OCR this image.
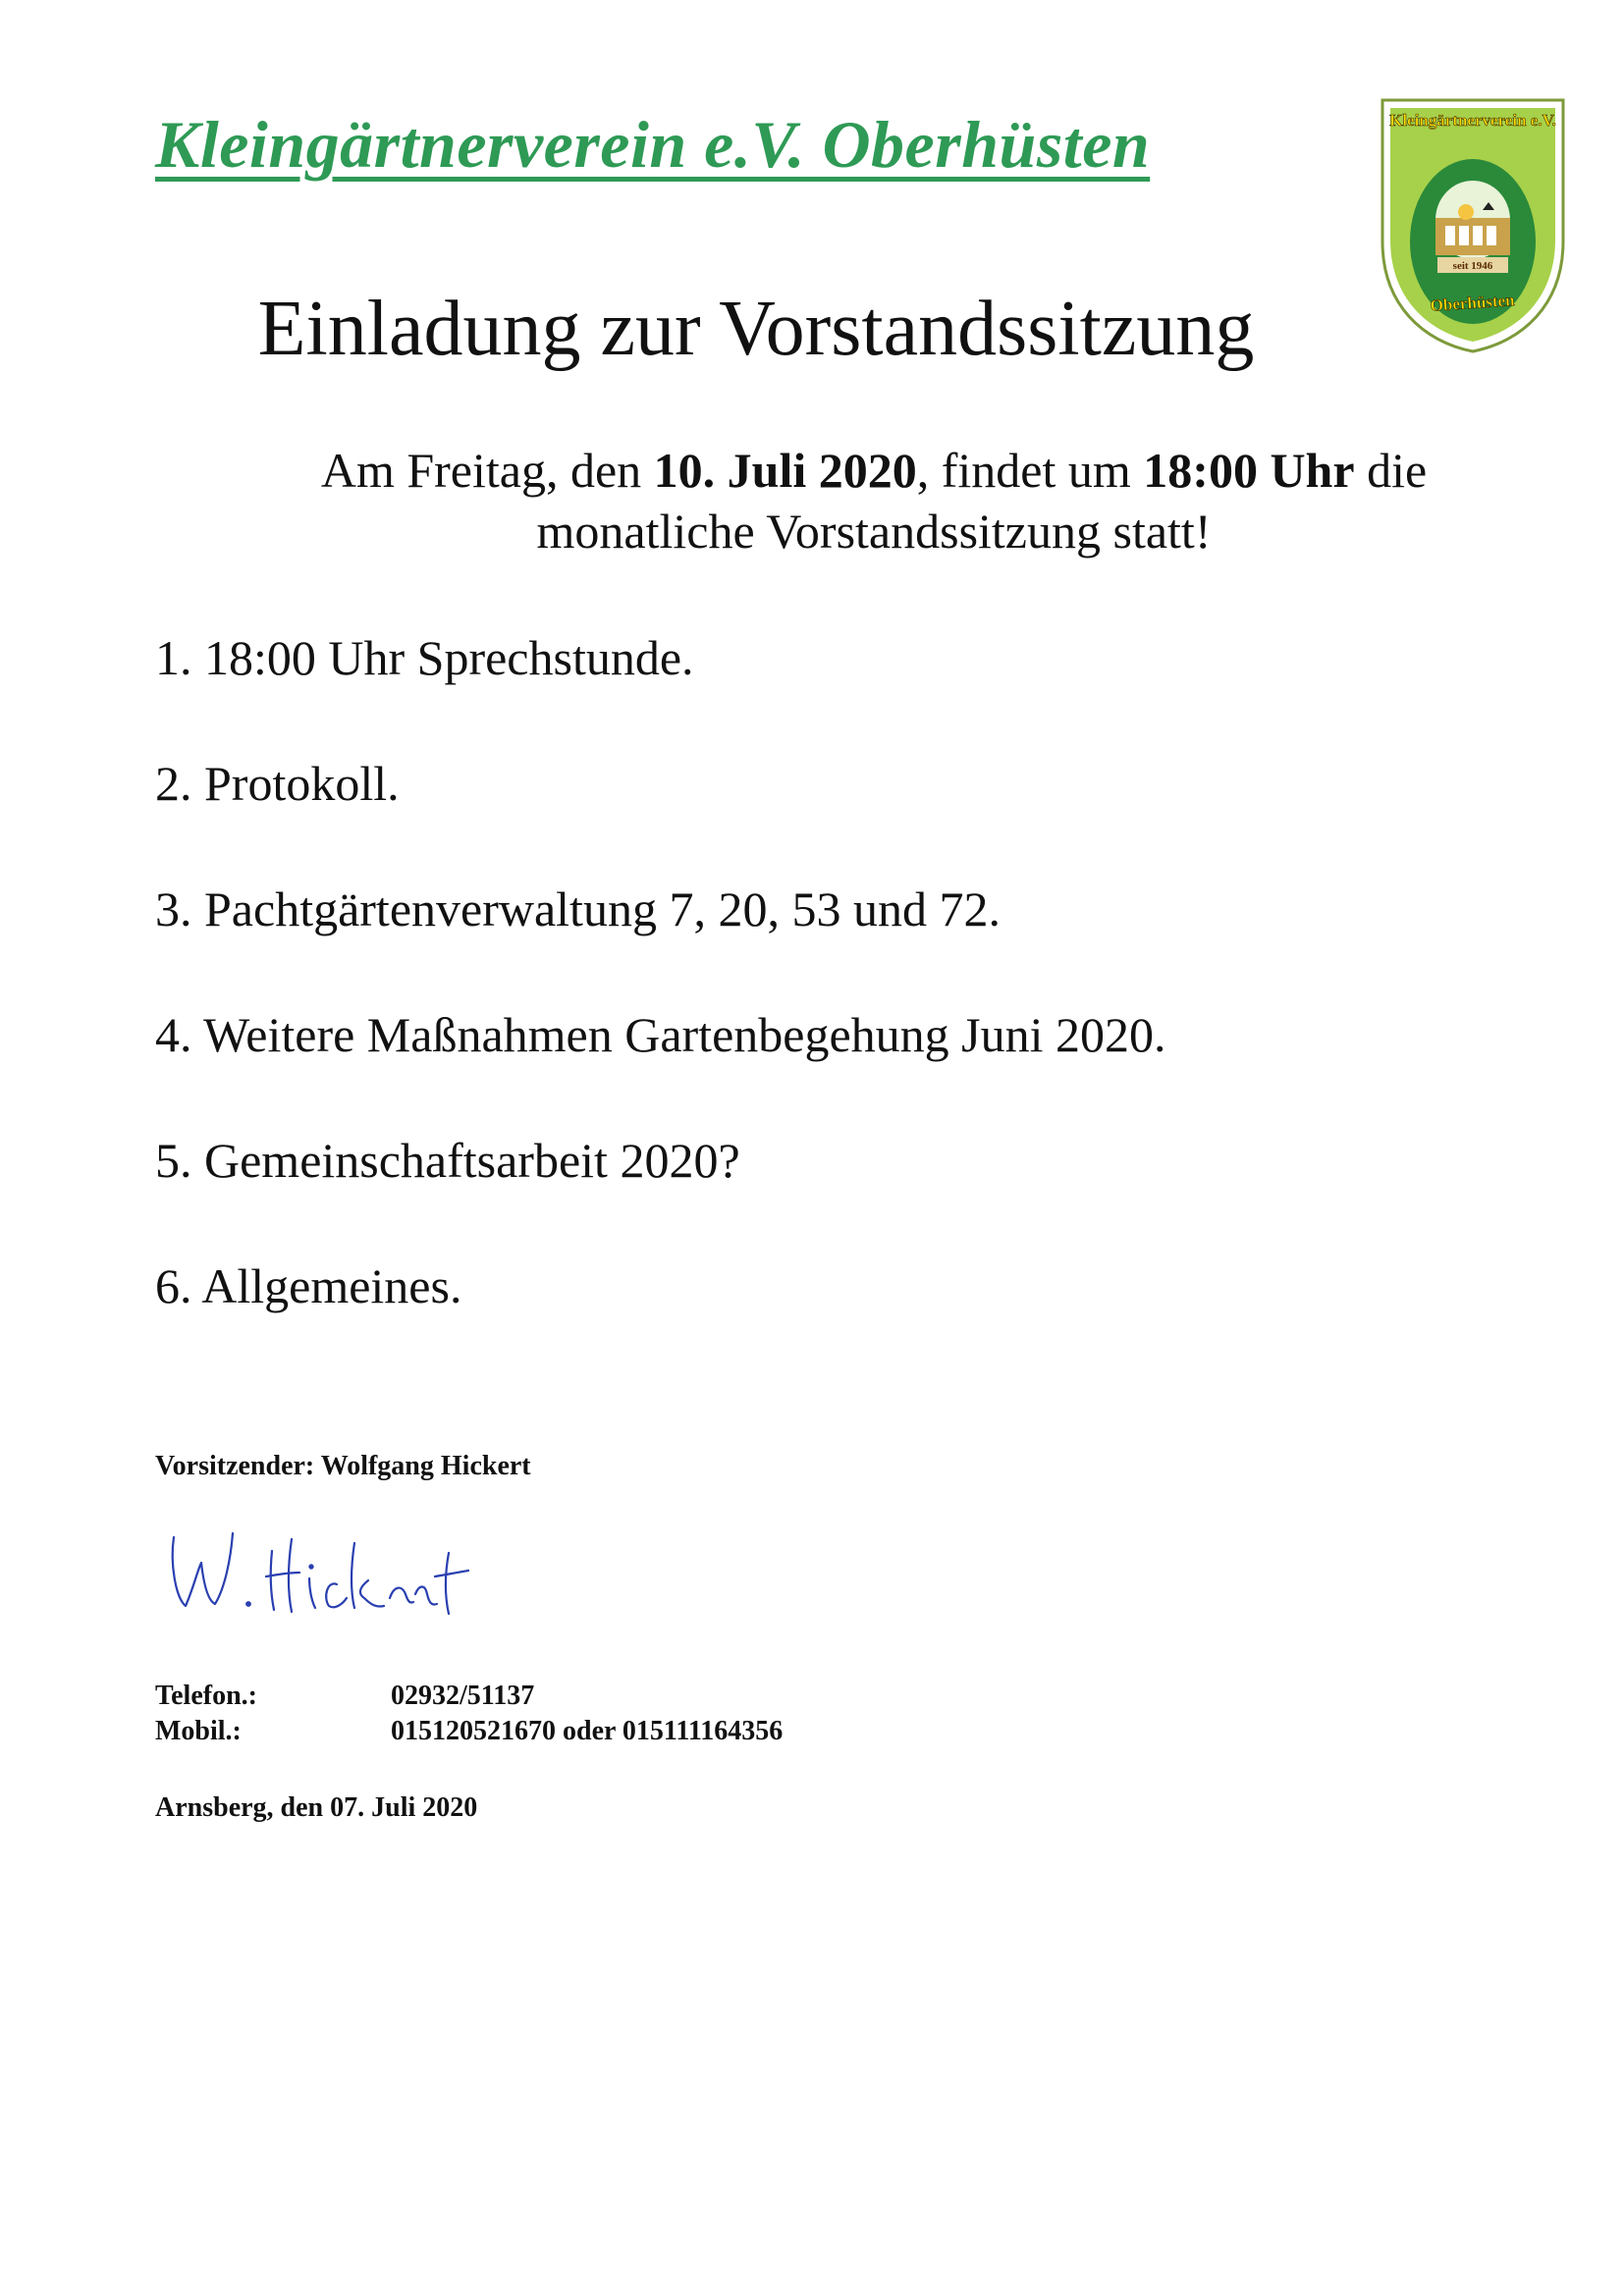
Kleingärtnerverein e.V. Oberhüsten	Kleingärtnerverein e.V.
seit 1946
Oberhüsten
Einladung zur Vorstandssitzung
Am Freitag, den 10. Juli 2020, findet um 18:00 Uhr die
monatliche Vorstandssitzung statt!
1. 18:00 Uhr Sprechstunde.
2. Protokoll.
3. Pachtgärtenverwaltung 7, 20, 53 und 72.
4. Weitere Maßnahmen Gartenbegehung Juni 2020.
5. Gemeinschaftsarbeit 2020?
6. Allgemeines.
Vorsitzender: Wolfgang Hickert
Telefon.:	02932/51137
Mobil.:	015120521670 oder 015111164356
Arnsberg, den 07. Juli 2020
